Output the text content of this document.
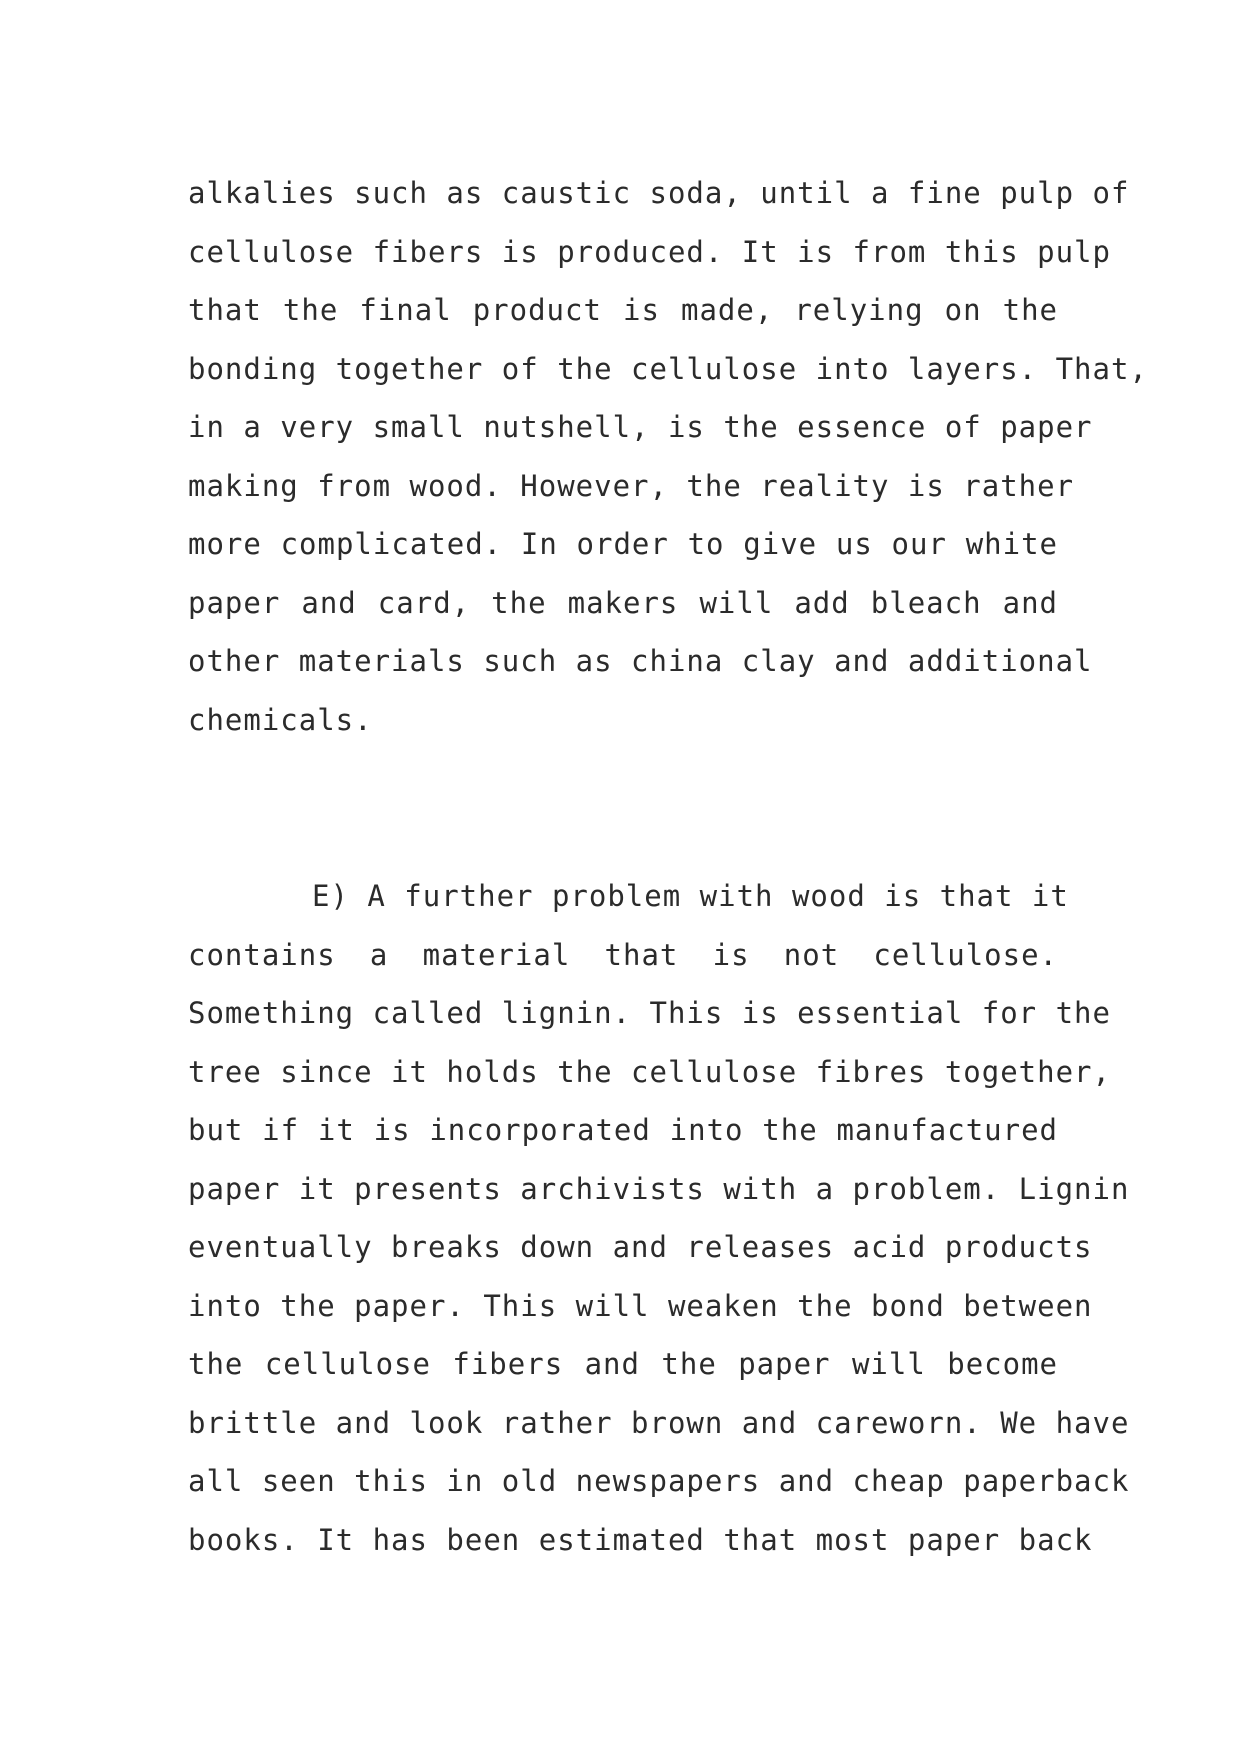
alkalies such as caustic soda, until a fine pulp of
cellulose fibers is produced. It is from this pulp
that the final product is made, relying on the
bonding together of the cellulose into layers. That,
in a very small nutshell, is the essence of paper
making from wood. However, the reality is rather
more complicated. In order to give us our white
paper and card, the makers will add bleach and
other materials such as china clay and additional
chemicals.
E) A further problem with wood is that it
contains a material that is not cellulose.
Something called lignin. This is essential for the
tree since it holds the cellulose fibres together,
but if it is incorporated into the manufactured
paper it presents archivists with a problem. Lignin
eventually breaks down and releases acid products
into the paper. This will weaken the bond between
the cellulose fibers and the paper will become
brittle and look rather brown and careworn. We have
all seen this in old newspapers and cheap paperback
books. It has been estimated that most paper back
